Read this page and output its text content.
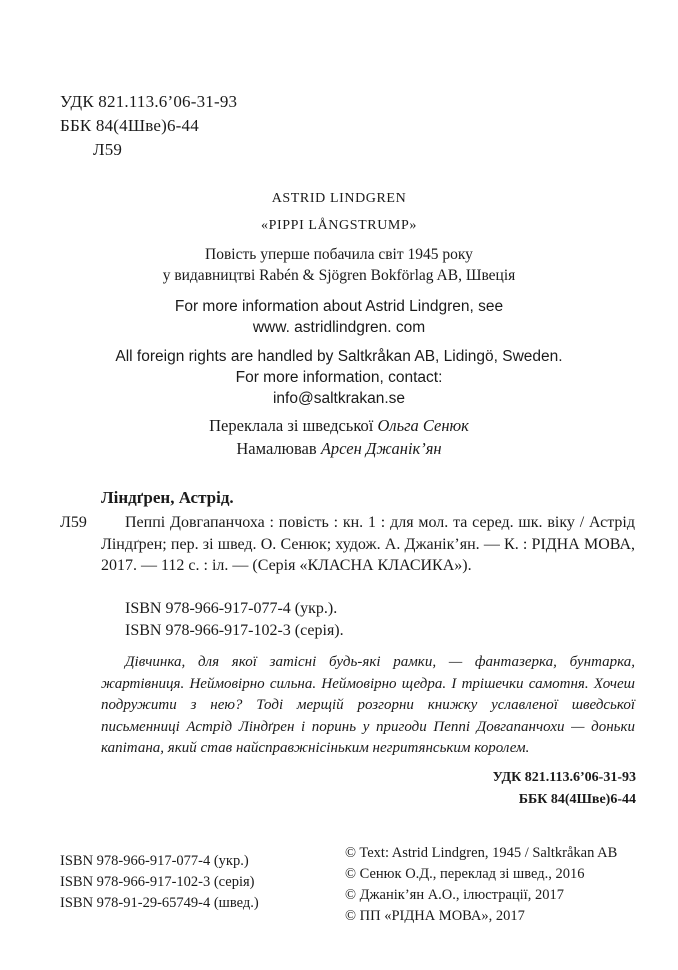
УДК 821.113.6’06-31-93
ББК 84(4Шве)6-44
Л59

ASTRID LINDGREN

«PIPPI LÅNGSTRUMP»

Повість уперше побачила світ 1945 року

у видавництві Rabén & Sjögren Bokförlag AB, Швеція

For more information about Astrid Lindgren, see

www. astridlindgren. com

All foreign rights are handled by Saltkråkan AB, Lidingö, Sweden.

For more information, contact:

info@saltkrakan.se

Переклала зі шведської Ольга Сенюк

Намалював Арсен Джанік’ян

Ліндґрен, Астрід.
Л59	Пеппі Довгапанчоха : повість : кн. 1 : для мол. та серед. шк. віку / Астрід Ліндґрен; пер. зі швед. О. Сенюк; худож. А. Джанік’ян. — К. : РІДНА МОВА, 2017. — 112 с. : іл. — (Серія «КЛАСНА КЛАСИКА»).

ISBN 978-966-917-077-4 (укр.).
ISBN 978-966-917-102-3 (серія).

Дівчинка, для якої затісні будь-які рамки, — фантазерка, бунтарка, жартівниця. Неймовірно сильна. Неймовірно щедра. І трішечки самотня. Хочеш подружити з нею? Тоді мерщій розгорни книжку уславленої шведської письменниці Астрід Ліндґрен і поринь у пригоди Пеппі Довгапанчохи — доньки капітана, який став найсправжнісіньким негритянським королем.

УДК 821.113.6’06-31-93
ББК 84(4Шве)6-44
ISBN 978-966-917-077-4 (укр.)
ISBN 978-966-917-102-3 (серія)
ISBN 978-91-29-65749-4 (швед.)
© Text: Astrid Lindgren, 1945 / Saltkråkan AB
© Сенюк О.Д., переклад зі швед., 2016
© Джанік’ян А.О., ілюстрації, 2017
© ПП «РІДНА МОВА», 2017
